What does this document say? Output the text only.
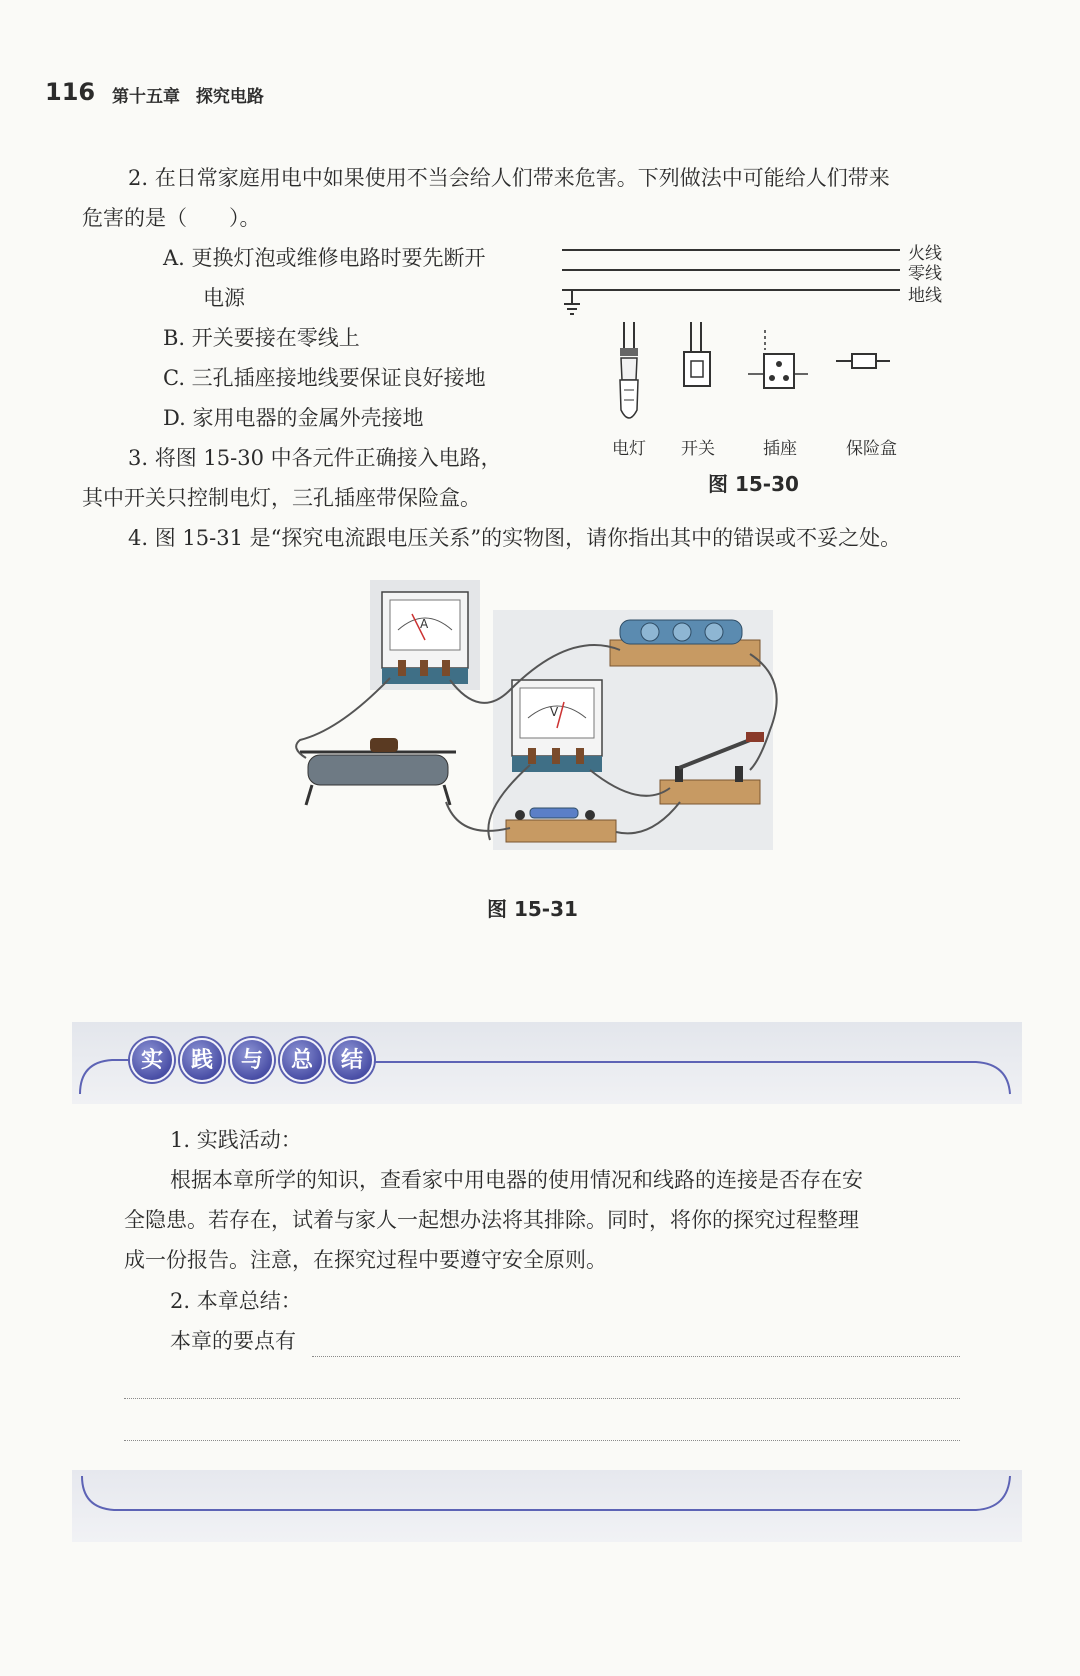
116 第十五章 探究电路
2. 在日常家庭用电中如果使用不当会给人们带来危害。下列做法中可能给人们带来
危害的是（　　）。
A. 更换灯泡或维修电路时要先断开
电源
B. 开关要接在零线上
C. 三孔插座接地线要保证良好接地
D. 家用电器的金属外壳接地
3. 将图 15-30 中各元件正确接入电路，
其中开关只控制电灯，三孔插座带保险盒。
4. 图 15-31 是“探究电流跟电压关系”的实物图，请你指出其中的错误或不妥之处。
火线
零线
地线
电灯 开关	插座	保险盒
图 15-30
A
V
图 15-31
实	践	与	总	结
1. 实践活动：
根据本章所学的知识，查看家中用电器的使用情况和线路的连接是否存在安
全隐患。若存在，试着与家人一起想办法将其排除。同时，将你的探究过程整理
成一份报告。注意，在探究过程中要遵守安全原则。
2. 本章总结：
本章的要点有
